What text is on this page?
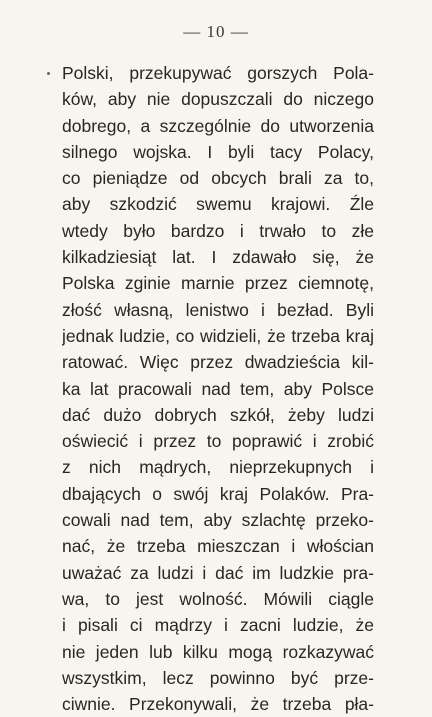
— 10 —
Polski, przekupywać gorszych Pola-
ków, aby nie dopuszczali do niczego
dobrego, a szczególnie do utworzenia
silnego wojska. I byli tacy Polacy,
co pieniądze od obcych brali za to,
aby szkodzić swemu krajowi. Źle
wtedy było bardzo i trwało to złe
kilkadziesiąt lat. I zdawało się, że
Polska zginie marnie przez ciemnotę,
złość własną, lenistwo i bezład. Byli
jednak ludzie, co widzieli, że trzeba kraj
ratować. Więc przez dwadzieścia kil-
ka lat pracowali nad tem, aby Polsce
dać dużo dobrych szkół, żeby ludzi
oświecić i przez to poprawić i zrobić
z nich mądrych, nieprzekupnych i
dbających o swój kraj Polaków. Pra-
cowali nad tem, aby szlachtę przeko-
nać, że trzeba mieszczan i włościan
uważać za ludzi i dać im ludzkie pra-
wa, to jest wolność. Mówili ciągle
i pisali ci mądrzy i zacni ludzie, że
nie jeden lub kilku mogą rozkazywać
wszystkim, lecz powinno być prze-
ciwnie. Przekonywali, że trzeba pła-
